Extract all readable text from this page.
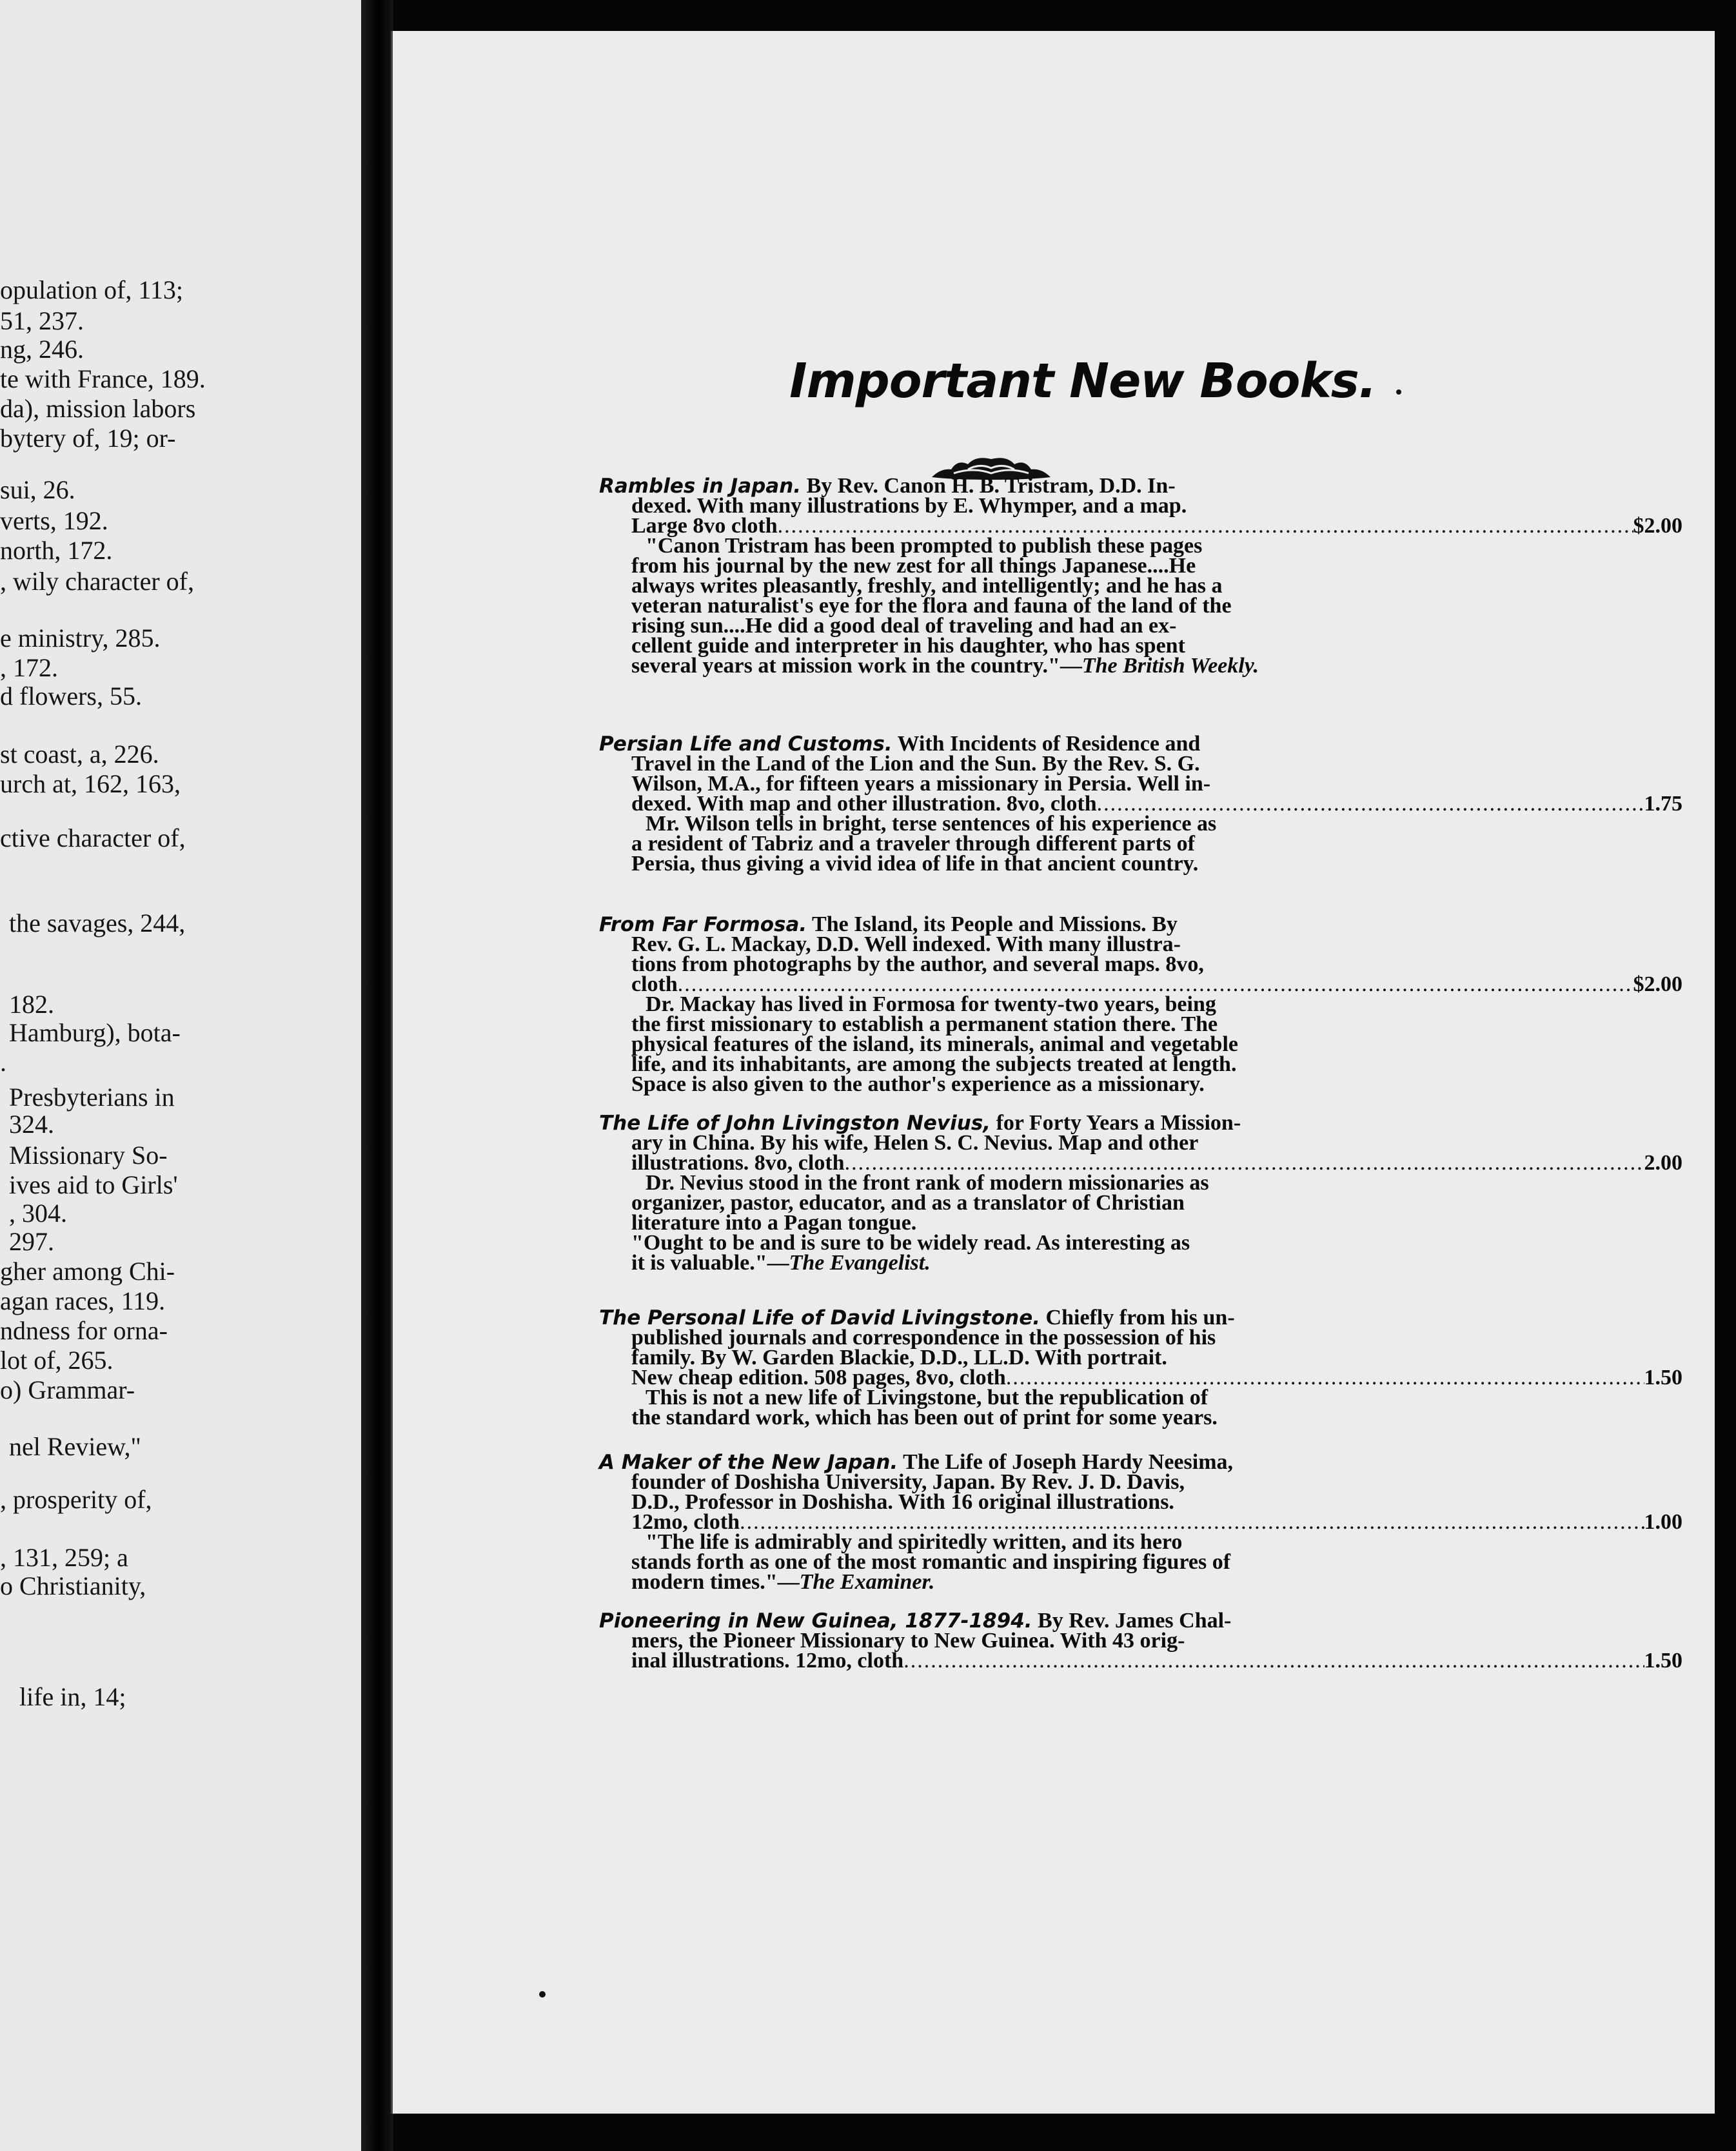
opulation of, 113;
51, 237.
ng, 246.
te with France, 189.
da), mission labors
bytery of, 19; or-
sui, 26.
verts, 192.
north, 172.
, wily character of,
e ministry, 285.
, 172.
d flowers, 55.
st coast, a, 226.
urch at, 162, 163,
ctive character of,
the savages, 244,
182.
Hamburg), bota-
.
Presbyterians in
324.
Missionary So-
ives aid to Girls'
, 304.
297.
gher among Chi-
agan races, 119.
ndness for orna-
lot of, 265.
o) Grammar-
nel Review,"
, prosperity of,
, 131, 259; a
o Christianity,
life in, 14;
Important New Books.
Rambles in Japan. By Rev. Canon H. B. Tristram, D.D. In-
dexed. With many illustrations by E. Whymper, and a map.
Large 8vo cloth .....	$2.00
"Canon Tristram has been prompted to publish these pages
from his journal by the new zest for all things Japanese....He
always writes pleasantly, freshly, and intelligently; and he has a
veteran naturalist's eye for the flora and fauna of the land of the
rising sun....He did a good deal of traveling and had an ex-
cellent guide and interpreter in his daughter, who has spent
several years at mission work in the country."—The British Weekly.
Persian Life and Customs. With Incidents of Residence and
Travel in the Land of the Lion and the Sun. By the Rev. S. G.
Wilson, M.A., for fifteen years a missionary in Persia. Well in-
dexed. With map and other illustration. 8vo, cloth .....	1.75
Mr. Wilson tells in bright, terse sentences of his experience as
a resident of Tabriz and a traveler through different parts of
Persia, thus giving a vivid idea of life in that ancient country.
From Far Formosa. The Island, its People and Missions. By
Rev. G. L. Mackay, D.D. Well indexed. With many illustra-
tions from photographs by the author, and several maps. 8vo,
cloth .....	$2.00
Dr. Mackay has lived in Formosa for twenty-two years, being
the first missionary to establish a permanent station there. The
physical features of the island, its minerals, animal and vegetable
life, and its inhabitants, are among the subjects treated at length.
Space is also given to the author's experience as a missionary.
The Life of John Livingston Nevius, for Forty Years a Mission-
ary in China. By his wife, Helen S. C. Nevius. Map and other
illustrations. 8vo, cloth .....	2.00
Dr. Nevius stood in the front rank of modern missionaries as
organizer, pastor, educator, and as a translator of Christian
literature into a Pagan tongue.
"Ought to be and is sure to be widely read. As interesting as
it is valuable."—The Evangelist.
The Personal Life of David Livingstone. Chiefly from his un-
published journals and correspondence in the possession of his
family. By W. Garden Blackie, D.D., LL.D. With portrait.
New cheap edition. 508 pages, 8vo, cloth .....	1.50
This is not a new life of Livingstone, but the republication of
the standard work, which has been out of print for some years.
A Maker of the New Japan. The Life of Joseph Hardy Neesima,
founder of Doshisha University, Japan. By Rev. J. D. Davis,
D.D., Professor in Doshisha. With 16 original illustrations.
12mo, cloth .....	1.00
"The life is admirably and spiritedly written, and its hero
stands forth as one of the most romantic and inspiring figures of
modern times."—The Examiner.
Pioneering in New Guinea, 1877-1894. By Rev. James Chal-
mers, the Pioneer Missionary to New Guinea. With 43 orig-
inal illustrations. 12mo, cloth .....	1.50
